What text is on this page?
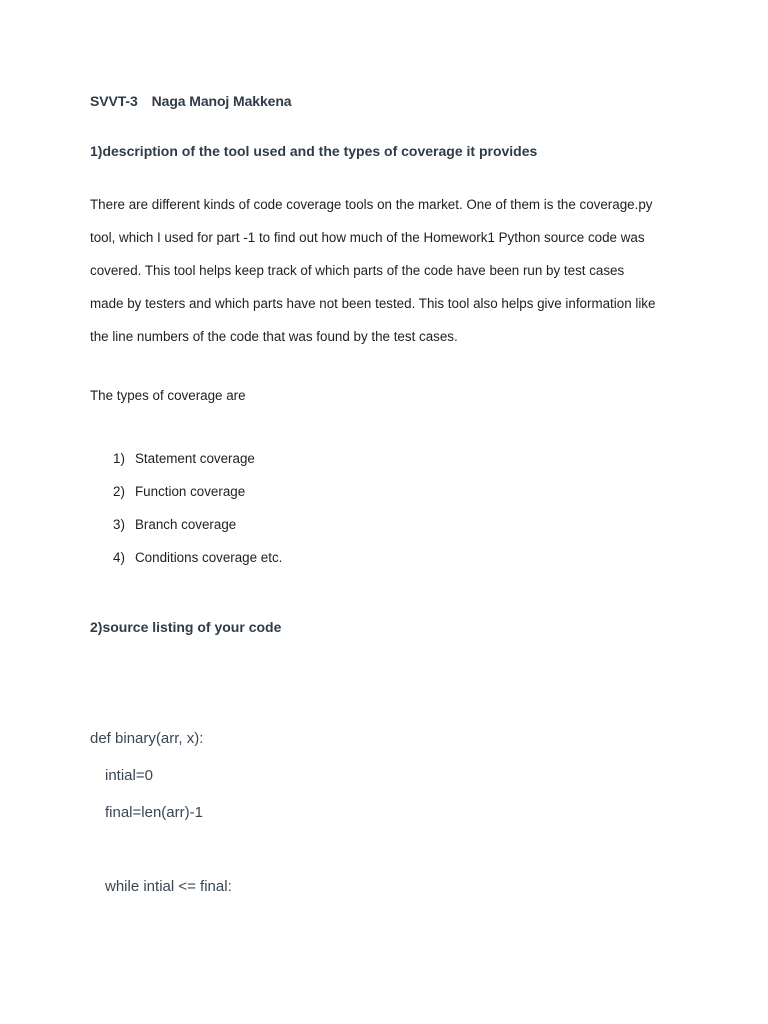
SVVT-3 Naga Manoj Makkena
1)description of the tool used and the types of coverage it provides
There are different kinds of code coverage tools on the market. One of them is the coverage.py
tool, which I used for part -1 to find out how much of the Homework1 Python source code was
covered. This tool helps keep track of which parts of the code have been run by test cases
made by testers and which parts have not been tested. This tool also helps give information like
the line numbers of the code that was found by the test cases.
The types of coverage are
1) Statement coverage
2) Function coverage
3) Branch coverage
4) Conditions coverage etc.
2)source listing of your code
def binary(arr, x):
intial=0
final=len(arr)-1
while intial <= final:
